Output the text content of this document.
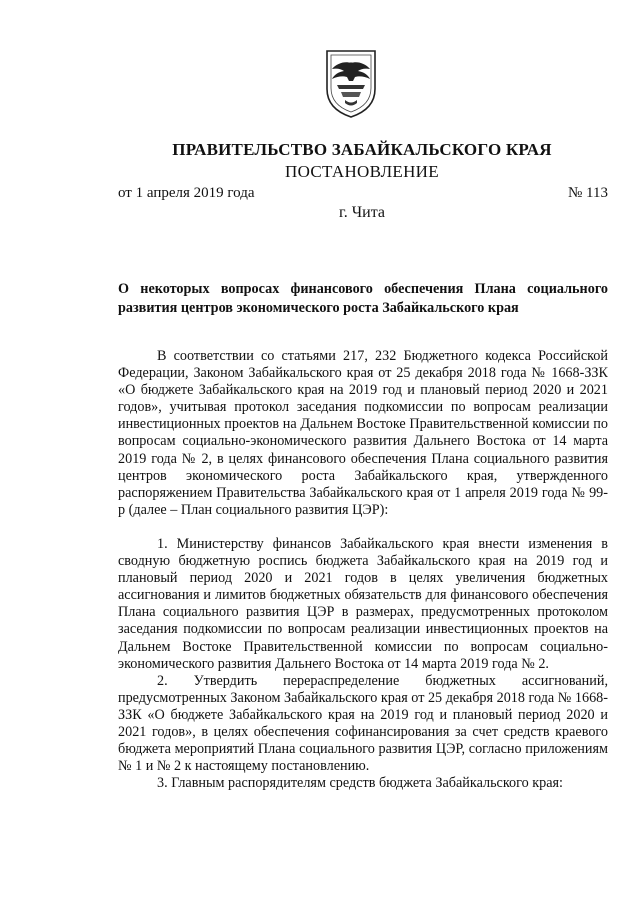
ПРАВИТЕЛЬСТВО ЗАБАЙКАЛЬСКОГО КРАЯ
ПОСТАНОВЛЕНИЕ
от 1 апреля 2019 года	№ 113
г. Чита
О некоторых вопросах финансового обеспечения Плана социального развития центров экономического роста Забайкальского края

В соответствии со статьями 217, 232 Бюджетного кодекса Российской Федерации, Законом Забайкальского края от 25 декабря 2018 года № 1668-ЗЗК «О бюджете Забайкальского края на 2019 год и плановый период 2020 и 2021 годов», учитывая протокол заседания подкомиссии по вопросам реализации инвестиционных проектов на Дальнем Востоке Правительственной комиссии по вопросам социально-экономического развития Дальнего Востока от 14 марта 2019 года № 2, в целях финансового обеспечения Плана социального развития центров экономического роста Забайкальского края, утвержденного распоряжением Правительства Забайкальского края от 1 апреля 2019 года № 99-р (далее – План социального развития ЦЭР):

1. Министерству финансов Забайкальского края внести изменения в сводную бюджетную роспись бюджета Забайкальского края на 2019 год и плановый период 2020 и 2021 годов в целях увеличения бюджетных ассигнования и лимитов бюджетных обязательств для финансового обеспечения Плана социального развития ЦЭР в размерах, предусмотренных протоколом заседания подкомиссии по вопросам реализации инвестиционных проектов на Дальнем Востоке Правительственной комиссии по вопросам социально-экономического развития Дальнего Востока от 14 марта 2019 года № 2.

2. Утвердить перераспределение бюджетных ассигнований, предусмотренных Законом Забайкальского края от 25 декабря 2018 года № 1668-ЗЗК «О бюджете Забайкальского края на 2019 год и плановый период 2020 и 2021 годов», в целях обеспечения софинансирования за счет средств краевого бюджета мероприятий Плана социального развития ЦЭР, согласно приложениям № 1 и № 2 к настоящему постановлению.

3. Главным распорядителям средств бюджета Забайкальского края:
